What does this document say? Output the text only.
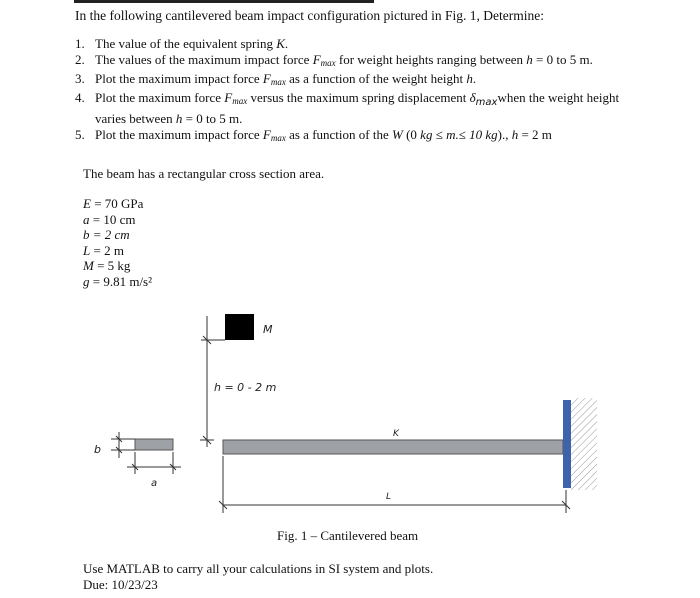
In the following cantilevered beam impact configuration pictured in Fig. 1, Determine:
1. The value of the equivalent spring K.
2. The values of the maximum impact force $F_{max}$ for weight heights ranging between h = 0 to 5 m.
3. Plot the maximum impact force $F_{max}$ as a function of the weight height h.
4. Plot the maximum force $F_{max}$ versus the maximum spring displacement $\delta_{max}when$ the weight height varies between h = 0 to 5 m.
5. Plot the maximum impact force $F_{max}$ as a function of the W (0 kg ≤ m.≤ 10 kg)., h = 2 m
The beam has a rectangular cross section area.
E = 70 GPa
a = 10 cm
b = 2 cm
L = 2 m
M = 5 kg
g = 9.81 m/s²
M
h = 0 - 2 m
K
L
b
a
Fig. 1 – Cantilevered beam
Use MATLAB to carry all your calculations in SI system and plots.
Due: 10/23/23
